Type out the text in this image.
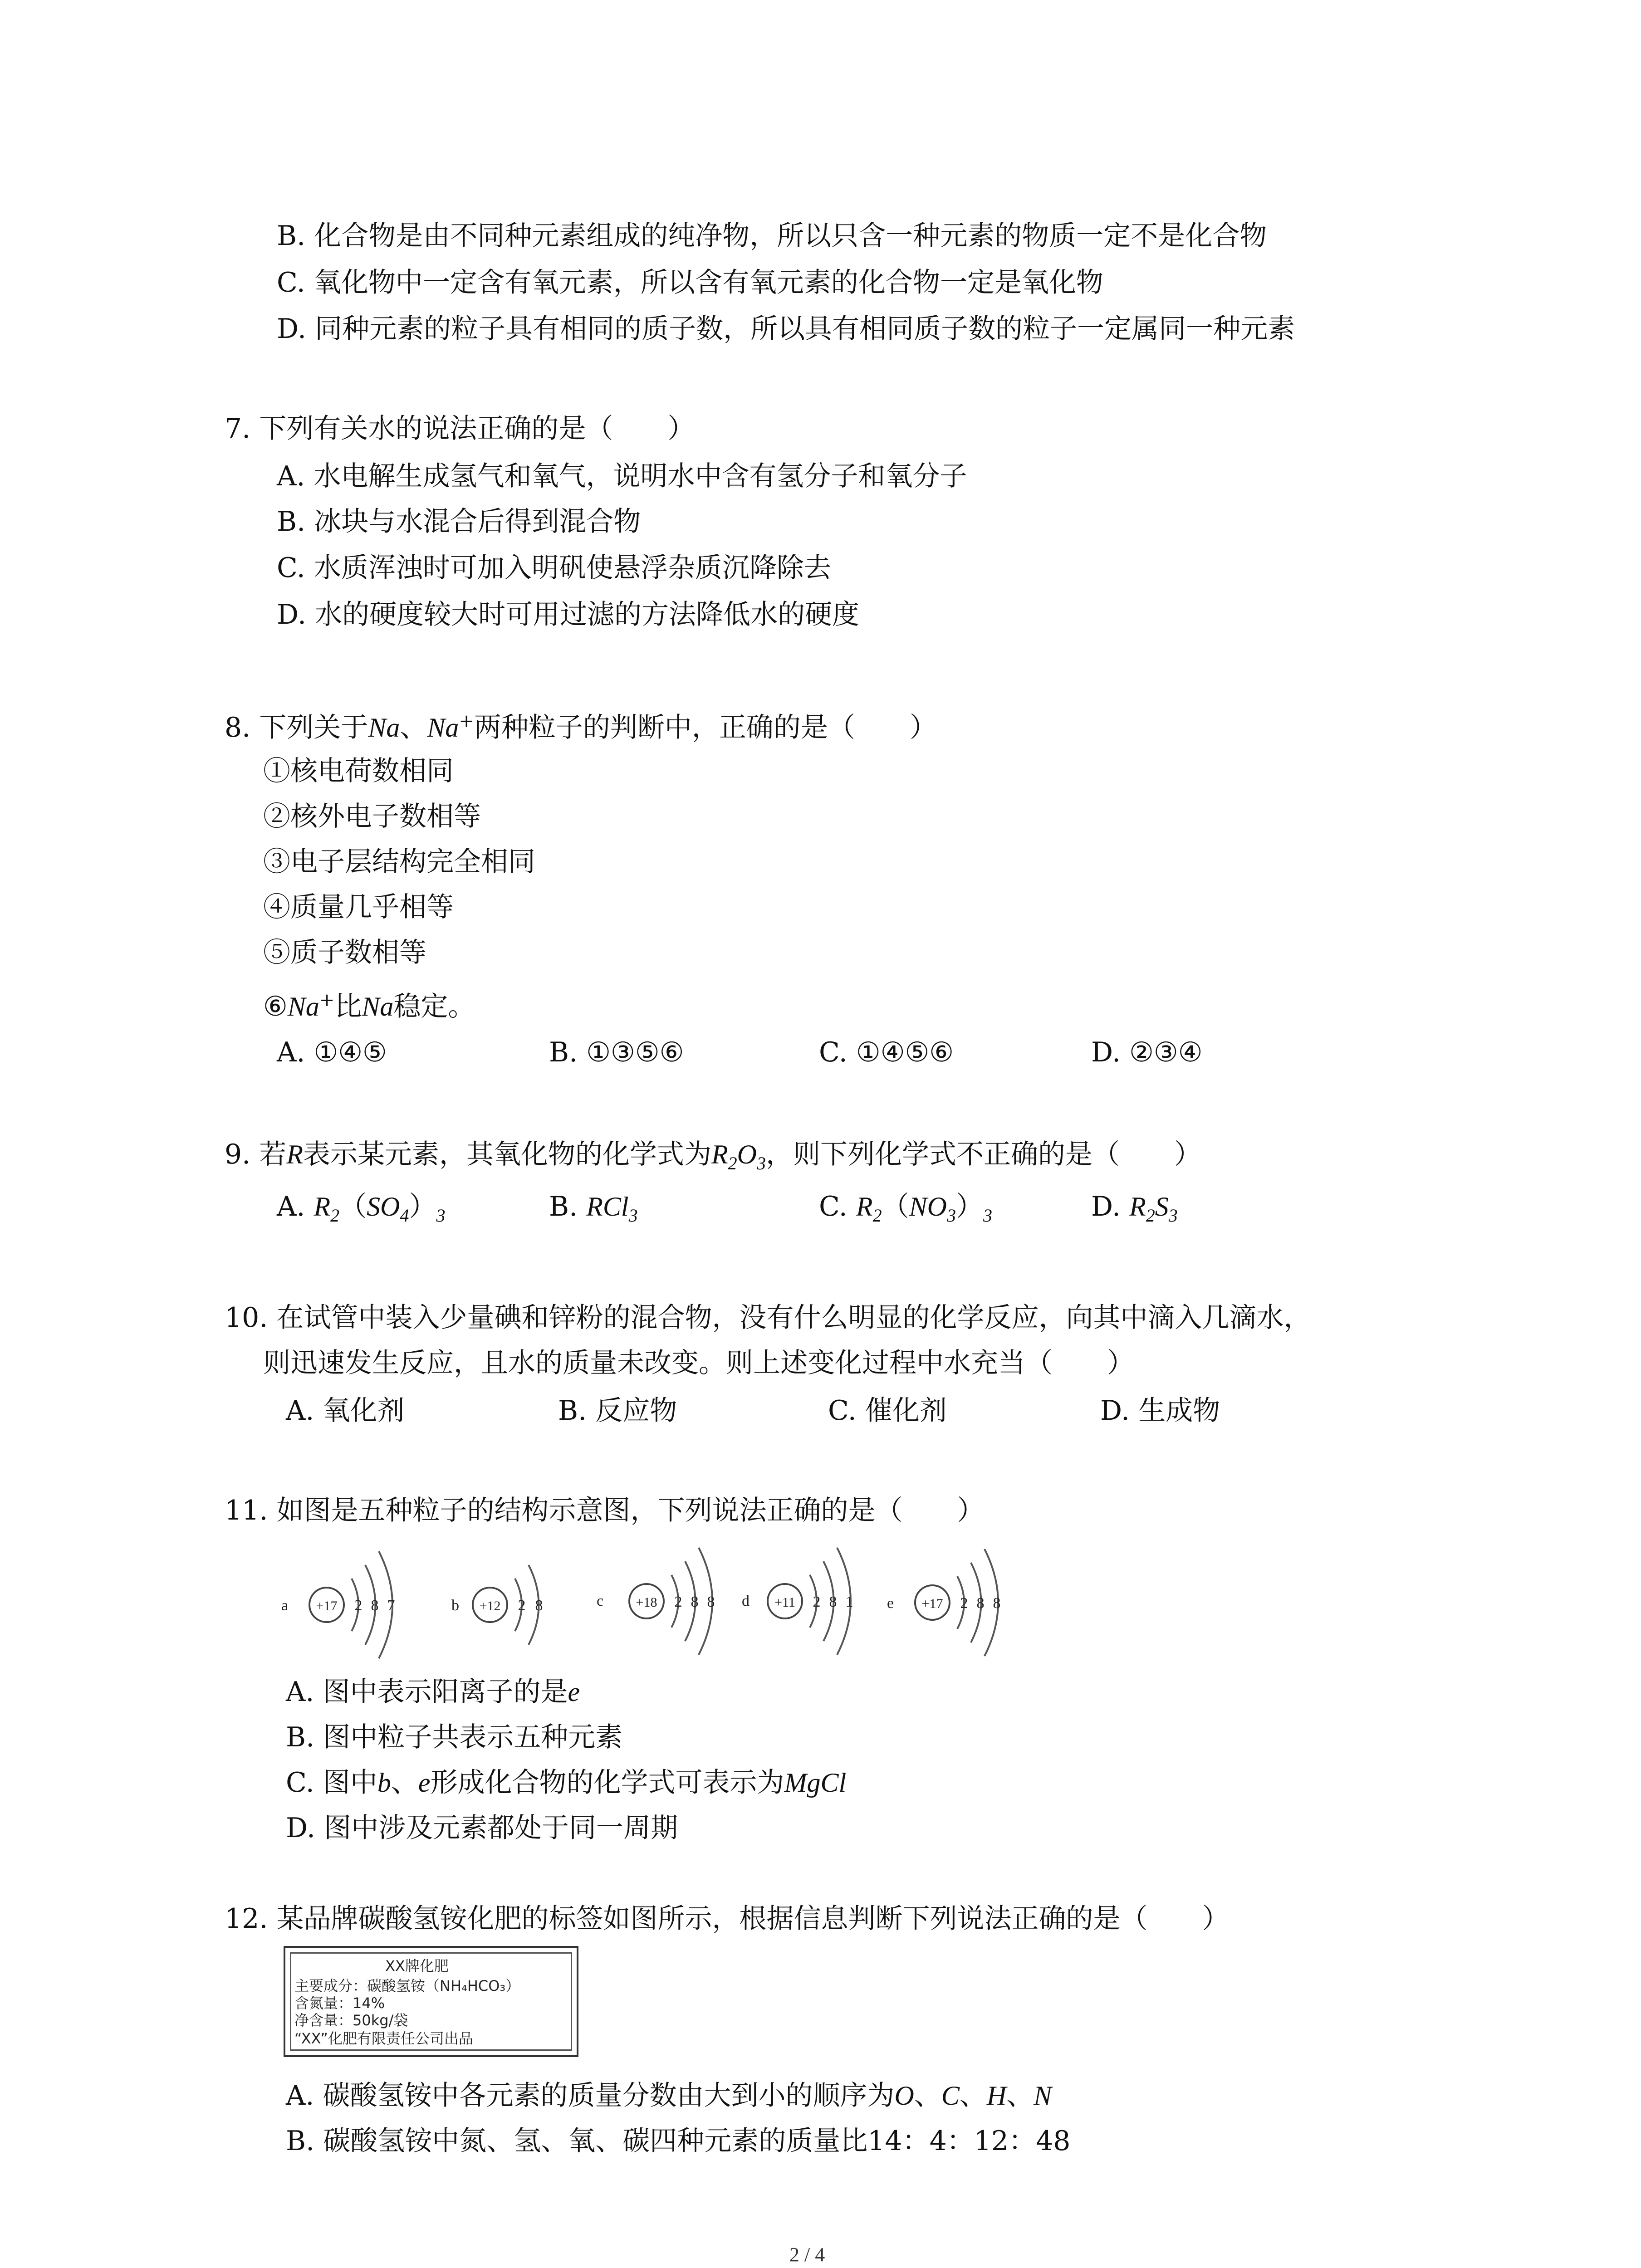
B. 化合物是由不同种元素组成的纯净物，所以只含一种元素的物质一定不是化合物
C. 氧化物中一定含有氧元素，所以含有氧元素的化合物一定是氧化物
D. 同种元素的粒子具有相同的质子数，所以具有相同质子数的粒子一定属同一种元素
7. 下列有关水的说法正确的是（　　）
A. 水电解生成氢气和氧气，说明水中含有氢分子和氧分子
B. 冰块与水混合后得到混合物
C. 水质浑浊时可加入明矾使悬浮杂质沉降除去
D. 水的硬度较大时可用过滤的方法降低水的硬度
8. 下列关于Na、Na+两种粒子的判断中，正确的是（　　）
①核电荷数相同
②核外电子数相等
③电子层结构完全相同
④质量几乎相等
⑤质子数相等
⑥Na+比Na稳定。
A. ①④⑤	B. ①③⑤⑥	C. ①④⑤⑥	D. ②③④
9. 若R表示某元素，其氧化物的化学式为$R_2O_3$，则下列化学式不正确的是（　　）
A. $R_2(SO_4)_3$	B. RCl$_3$	C. $R_2(NO_3)_3$	D. $R_2S_3$
10. 在试管中装入少量碘和锌粉的混合物，没有什么明显的化学反应，向其中滴入几滴水，
则迅速发生反应，且水的质量未改变。则上述变化过程中水充当（　　）
A. 氧化剂	B. 反应物	C. 催化剂	D. 生成物
11. 如图是五种粒子的结构示意图，下列说法正确的是（　　）
a +17 2 8 7	b +12 2 8	c +18 2 8 8 d +11 2 8 1 e +17 2 8 8
A. 图中表示阳离子的是e
B. 图中粒子共表示五种元素
C. 图中b、e形成化合物的化学式可表示为MgCl
D. 图中涉及元素都处于同一周期
12. 某品牌碳酸氢铵化肥的标签如图所示，根据信息判断下列说法正确的是（　　）
XX牌化肥
主要成分：碳酸氢铵（NH₄HCO₃）
含氮量：14%
净含量：50kg/袋
“XX”化肥有限责任公司出品
A. 碳酸氢铵中各元素的质量分数由大到小的顺序为O、C、H、N
B. 碳酸氢铵中氮、氢、氧、碳四种元素的质量比14：4：12：48
2 / 4
